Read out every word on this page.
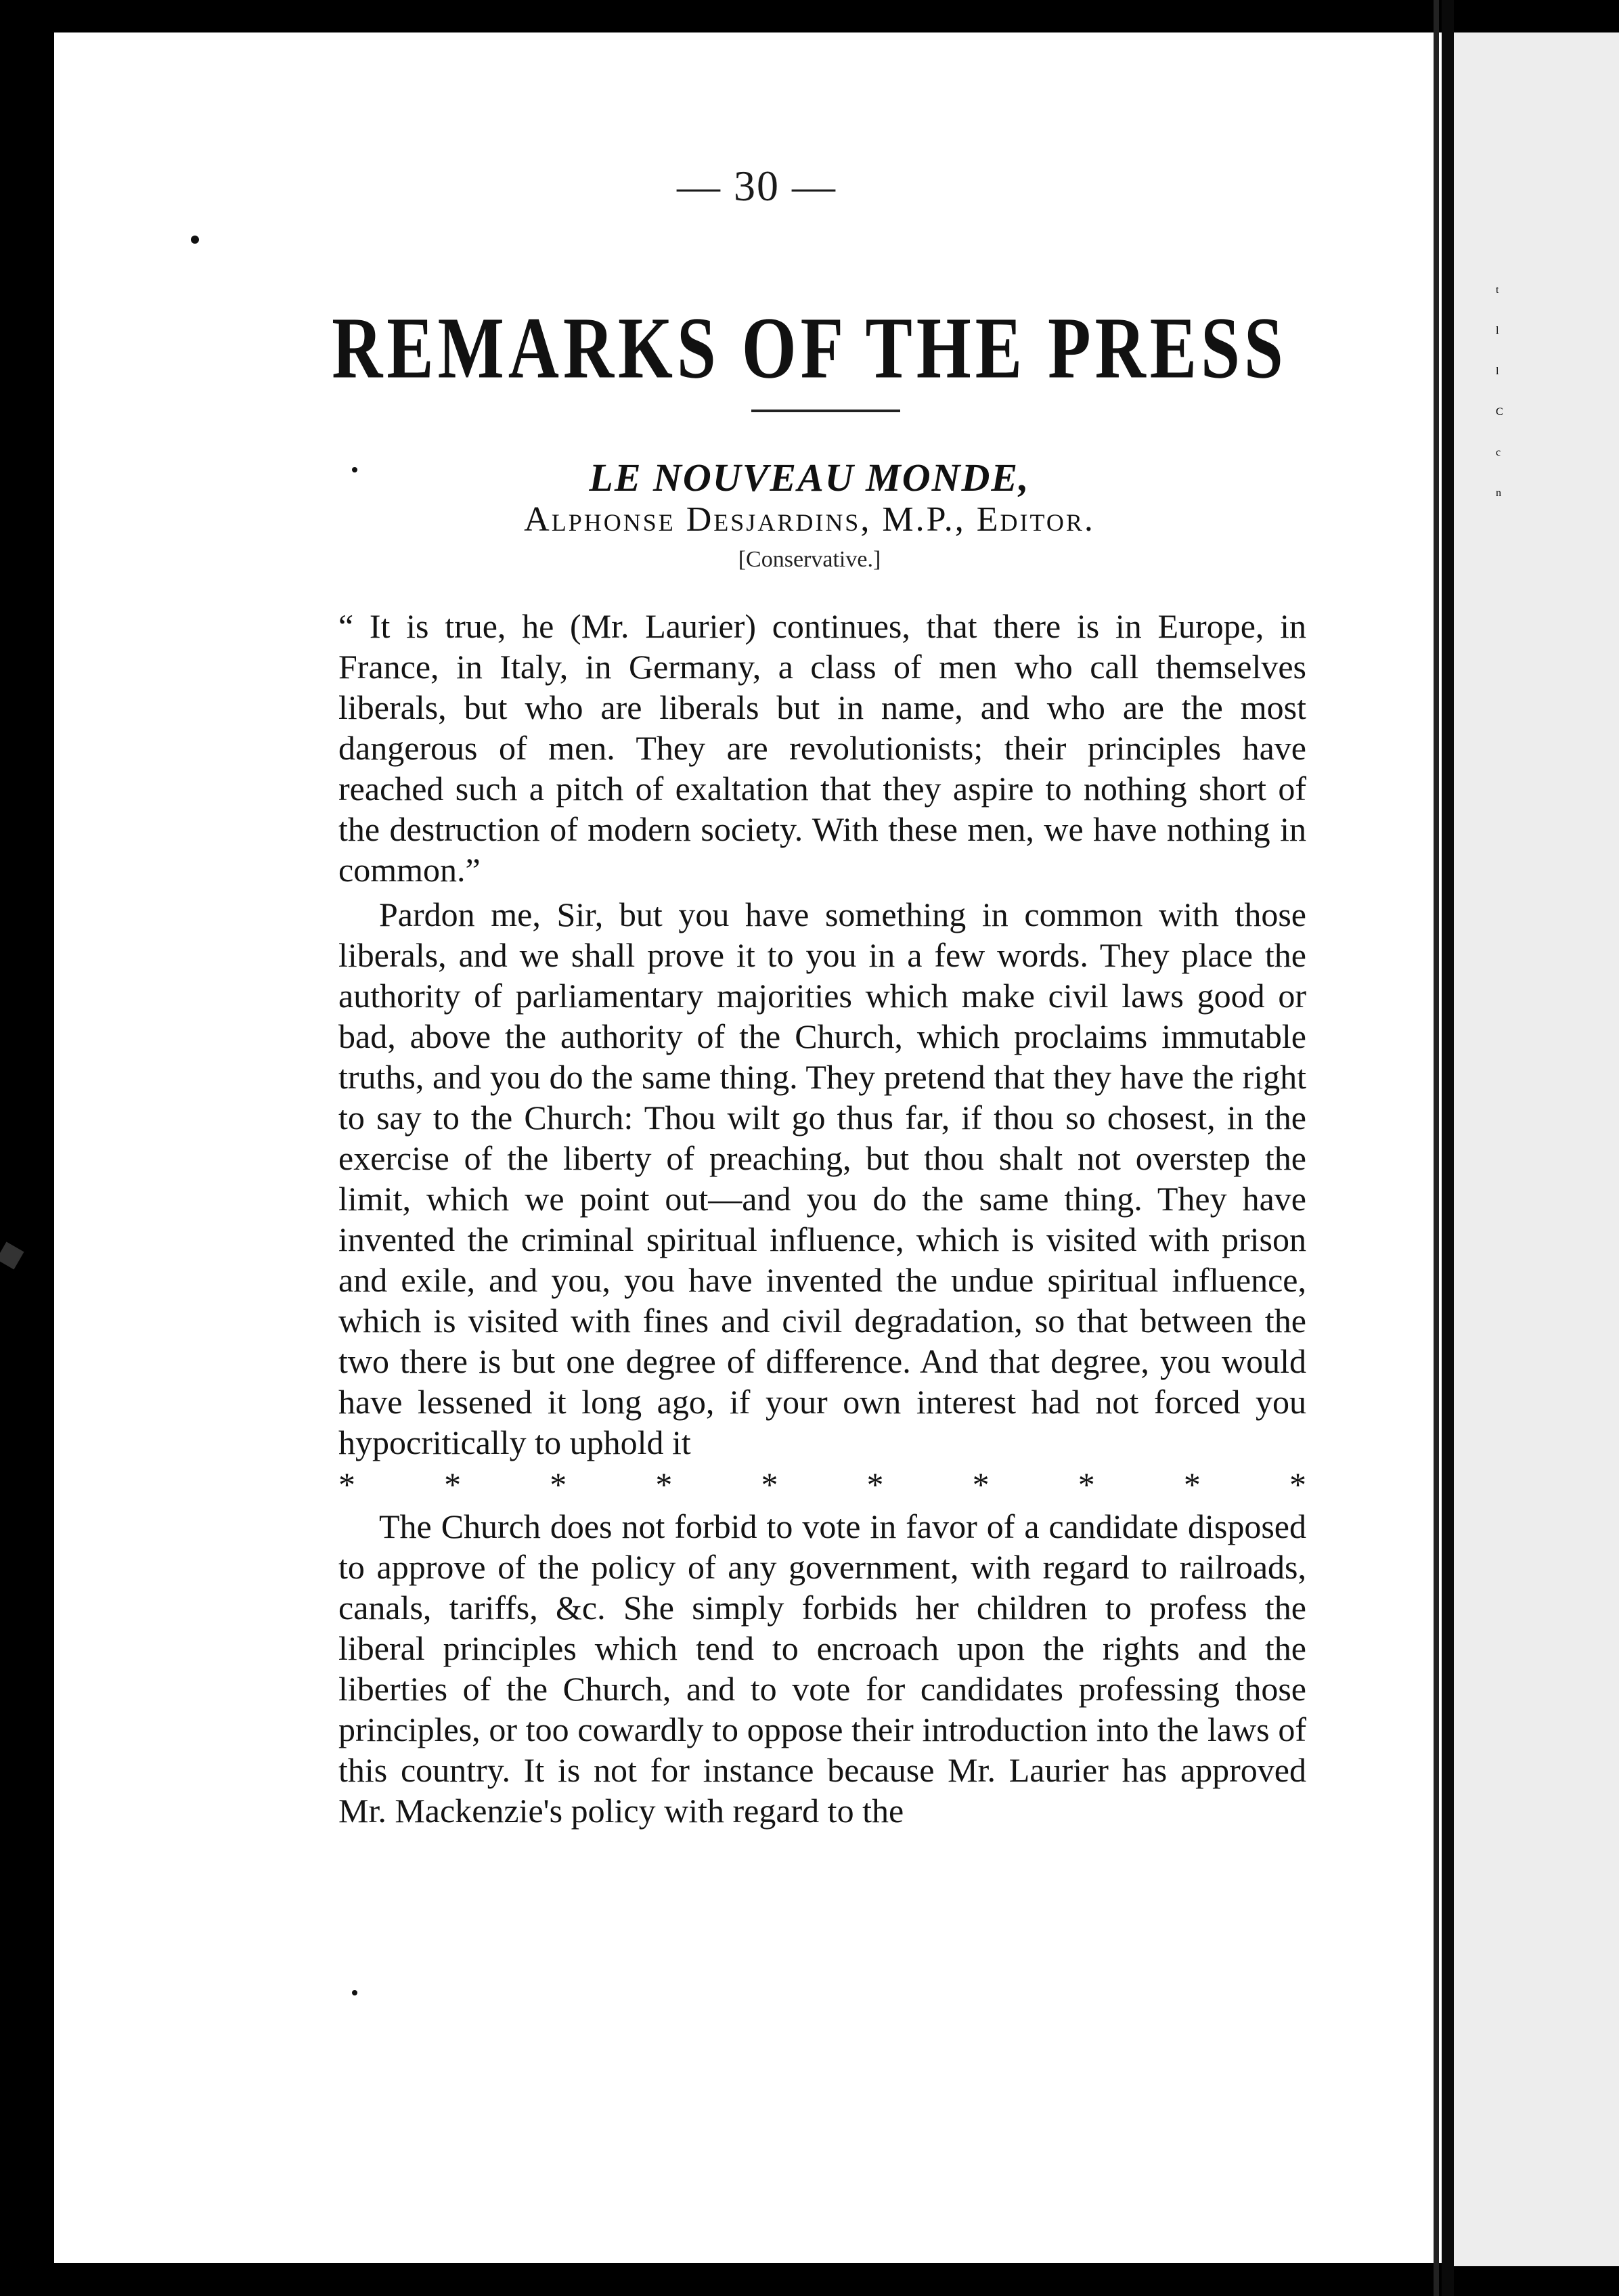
t
l
l
C
c
n
— 30 —
REMARKS OF THE PRESS
LE NOUVEAU MONDE,
Alphonse Desjardins, M.P., Editor.
[Conservative.]

“ It is true, he (Mr. Laurier) continues, that there is in Europe, in France, in Italy, in Germany, a class of men who call themselves liberals, but who are liberals but in name, and who are the most dangerous of men. They are revolutionists; their principles have reached such a pitch of exaltation that they aspire to nothing short of the destruction of modern society. With these men, we have nothing in common.”

Pardon me, Sir, but you have something in common with those liberals, and we shall prove it to you in a few words. They place the authority of parliamentary majorities which make civil laws good or bad, above the authority of the Church, which proclaims immutable truths, and you do the same thing. They pretend that they have the right to say to the Church: Thou wilt go thus far, if thou so chosest, in the exercise of the liberty of preaching, but thou shalt not overstep the limit, which we point out—and you do the same thing. They have invented the criminal spiritual influence, which is visited with prison and exile, and you, you have invented the undue spiritual influence, which is visited with fines and civil degradation, so that between the two there is but one degree of difference. And that degree, you would have lessened it long ago, if your own interest had not forced you hypocritically to uphold it

*	*	*	*	*	*	*	*	*	*

The Church does not forbid to vote in favor of a candidate disposed to approve of the policy of any government, with regard to railroads, canals, tariffs, &c. She simply forbids her children to profess the liberal principles which tend to encroach upon the rights and the liberties of the Church, and to vote for candidates professing those principles, or too cowardly to oppose their introduction into the laws of this country. It is not for instance because Mr. Laurier has approved Mr. Mackenzie's policy with regard to the
